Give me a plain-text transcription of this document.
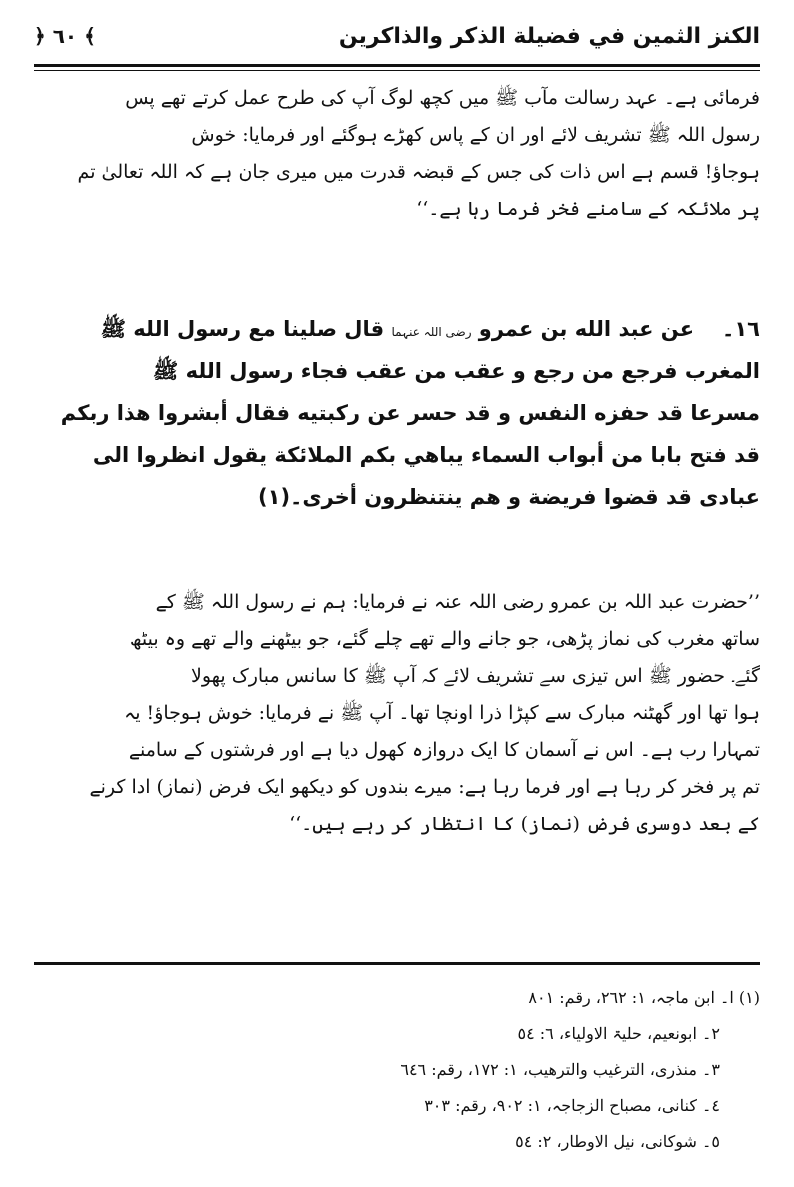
الكنز الثمين في فضيلة الذكر والذاكرين
﴿ ٦٠ ﴾
فرمائی ہے۔ عہد رسالت مآب ﷺ میں کچھ لوگ آپ کی طرح عمل کرتے تھے پس
رسول اللہ ﷺ تشریف لائے اور ان کے پاس کھڑے ہوگئے اور فرمایا: خوش
ہوجاؤ! قسم ہے اس ذات کی جس کے قبضہ قدرت میں میری جان ہے کہ اللہ تعالیٰ تم
پر ملائکہ کے سامنے فخر فرما رہا ہے۔‘‘
١٦۔عن عبد الله بن عمرو رضی اللہ عنہما قال صلينا مع رسول الله ﷺ
المغرب فرجع من رجع و عقب من عقب فجاء رسول الله ﷺ
مسرعا قد حفزه النفس و قد حسر عن ركبتيه فقال أبشروا هذا ربكم
قد فتح بابا من أبواب السماء يباهي بكم الملائكة يقول انظروا الى
عبادى قد قضوا فريضة و هم ينتنظرون أخرى۔(١)
’’حضرت عبد اللہ بن عمرو رضی اللہ عنہ نے فرمایا: ہم نے رسول اللہ ﷺ کے
ساتھ مغرب کی نماز پڑھی، جو جانے والے تھے چلے گئے، جو بیٹھنے والے تھے وہ بیٹھ
گئے۔ حضور ﷺ اس تیزی سے تشریف لائے کہ آپ ﷺ کا سانس مبارک پھولا
ہوا تھا اور گھٹنہ مبارک سے کپڑا ذرا اونچا تھا۔ آپ ﷺ نے فرمایا: خوش ہوجاؤ! یہ
تمہارا رب ہے۔ اس نے آسمان کا ایک دروازہ کھول دیا ہے اور فرشتوں کے سامنے
تم پر فخر کر رہا ہے اور فرما رہا ہے: میرے بندوں کو دیکھو ایک فرض (نماز) ادا کرنے
کے بعد دوسری فرض (نماز) کا انتظار کر رہے ہیں۔‘‘
(١) ا۔ ابن ماجہ، ١: ٢٦٢، رقم: ٨٠١
٢۔ ابونعیم، حلیۃ الاولیاء، ٦: ٥٤
٣۔ منذری، الترغیب والترهیب، ١: ١٧٢، رقم: ٦٤٦
٤۔ کنانی، مصباح الزجاجہ، ١: ٩٠٢، رقم: ٣٠٣
٥۔ شوکانی، نیل الاوطار، ٢: ٥٤
